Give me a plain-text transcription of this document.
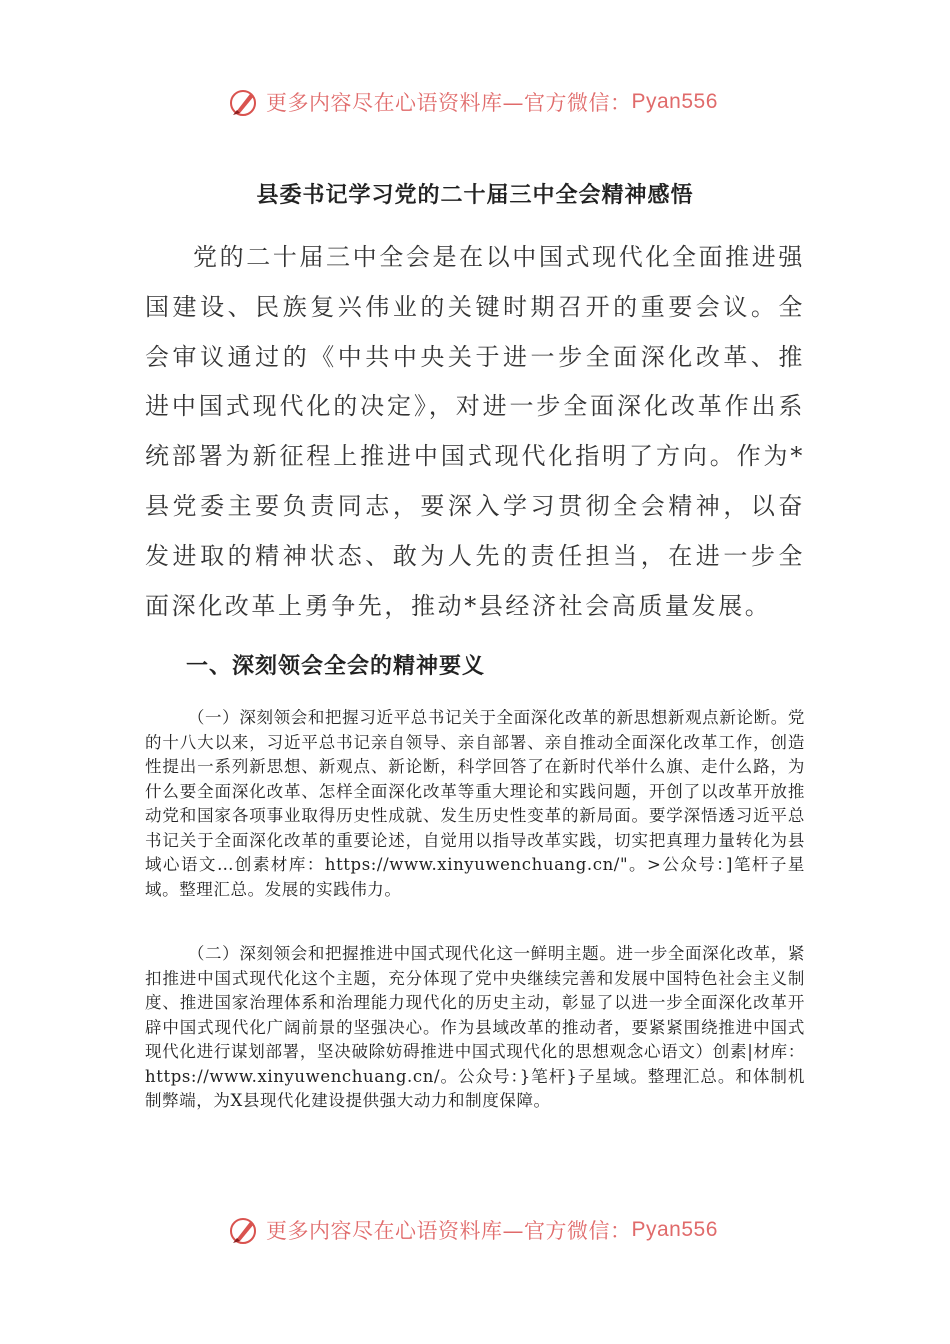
更多内容尽在心语资料库—官方微信： Pyan556
县委书记学习党的二十届三中全会精神感悟

党的二十届三中全会是在以中国式现代化全面推进强国建设、民族复兴伟业的关键时期召开的重要会议。全会审议通过的《中共中央关于进一步全面深化改革、推进中国式现代化的决定》，对进一步全面深化改革作出系统部署为新征程上推进中国式现代化指明了方向。作为*县党委主要负责同志，要深入学习贯彻全会精神，以奋发进取的精神状态、敢为人先的责任担当，在进一步全面深化改革上勇争先，推动*县经济社会高质量发展。

一、深刻领会全会的精神要义

（一）深刻领会和把握习近平总书记关于全面深化改革的新思想新观点新论断。党的十八大以来，习近平总书记亲自领导、亲自部署、亲自推动全面深化改革工作，创造性提出一系列新思想、新观点、新论断，科学回答了在新时代举什么旗、走什么路，为什么要全面深化改革、怎样全面深化改革等重大理论和实践问题，开创了以改革开放推动党和国家各项事业取得历史性成就、发生历史性变革的新局面。要学深悟透习近平总书记关于全面深化改革的重要论述，自觉用以指导改革实践，切实把真理力量转化为县域心语文…创素材库：https://www.xinyuwenchuang.cn/"。>公众号：]笔杆子星域。整理汇总。发展的实践伟力。

（二）深刻领会和把握推进中国式现代化这一鲜明主题。进一步全面深化改革，紧扣推进中国式现代化这个主题，充分体现了党中央继续完善和发展中国特色社会主义制度、推进国家治理体系和治理能力现代化的历史主动，彰显了以进一步全面深化改革开辟中国式现代化广阔前景的坚强决心。作为县域改革的推动者，要紧紧围绕推进中国式现代化进行谋划部署，坚决破除妨碍推进中国式现代化的思想观念心语文）创素|材库：https://www.xinyuwenchuang.cn/。公众号：}笔杆}子星域。整理汇总。和体制机制弊端，为X县现代化建设提供强大动力和制度保障。

更多内容尽在心语资料库—官方微信： Pyan556
